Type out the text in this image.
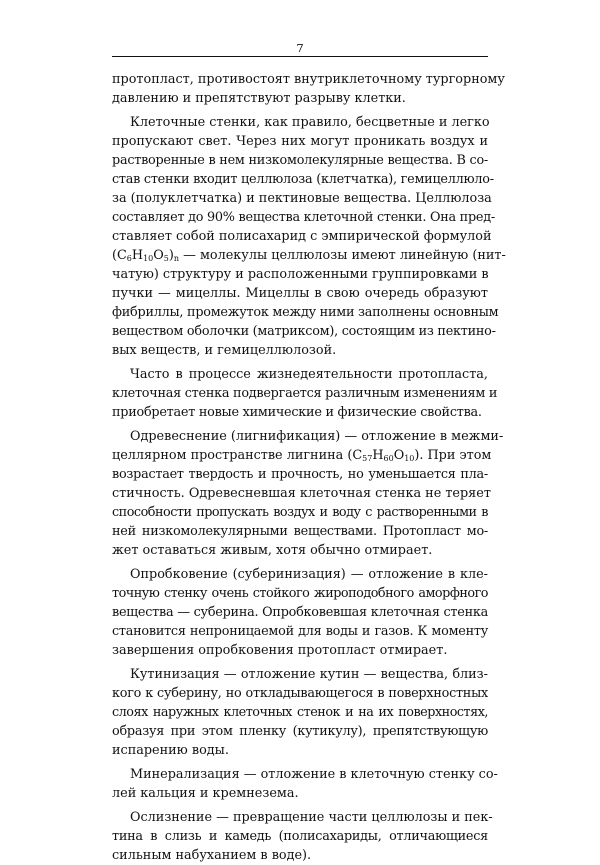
7
протопласт, противостоят внутриклеточному тургорному
давлению и препятствуют разрыву клетки.
Клеточные стенки, как правило, бесцветные и легко
пропускают свет. Через них могут проникать воздух и
растворенные в нем низкомолекулярные вещества. В со-
став стенки входит целлюлоза (клетчатка), гемицеллюло-
за (полуклетчатка) и пектиновые вещества. Целлюлоза
составляет до 90% вещества клеточной стенки. Она пред-
ставляет собой полисахарид с эмпирической формулой
$(C_6H_{10}O_5)_n$ — молекулы целлюлозы имеют линейную (нит-
чатую) структуру и расположенными группировками в
пучки — мицеллы. Мицеллы в свою очередь образуют
фибриллы, промежуток между ними заполнены основным
веществом оболочки (матриксом), состоящим из пектино-
вых веществ, и гемицеллюлозой.
Часто в процессе жизнедеятельности протопласта,
клеточная стенка подвергается различным изменениям и
приобретает новые химические и физические свойства.
Одревеснение (лигнификация) — отложение в межми-
целлярном пространстве лигнина $(C_{57}H_{60}O_{10})$. При этом
возрастает твердость и прочность, но уменьшается пла-
стичность. Одревесневшая клеточная стенка не теряет
способности пропускать воздух и воду с растворенными в
ней низкомолекулярными веществами. Протопласт мо-
жет оставаться живым, хотя обычно отмирает.
Опробковение (суберинизация) — отложение в кле-
точную стенку очень стойкого жироподобного аморфного
вещества — суберина. Опробковевшая клеточная стенка
становится непроницаемой для воды и газов. К моменту
завершения опробковения протопласт отмирает.
Кутинизация — отложение кутин — вещества, близ-
кого к суберину, но откладывающегося в поверхностных
слоях наружных клеточных стенок и на их поверхностях,
образуя при этом пленку (кутикулу), препятствующую
испарению воды.
Минерализация — отложение в клеточную стенку со-
лей кальция и кремнезема.
Ослизнение — превращение части целлюлозы и пек-
тина в слизь и камедь (полисахариды, отличающиеся
сильным набуханием в воде).
